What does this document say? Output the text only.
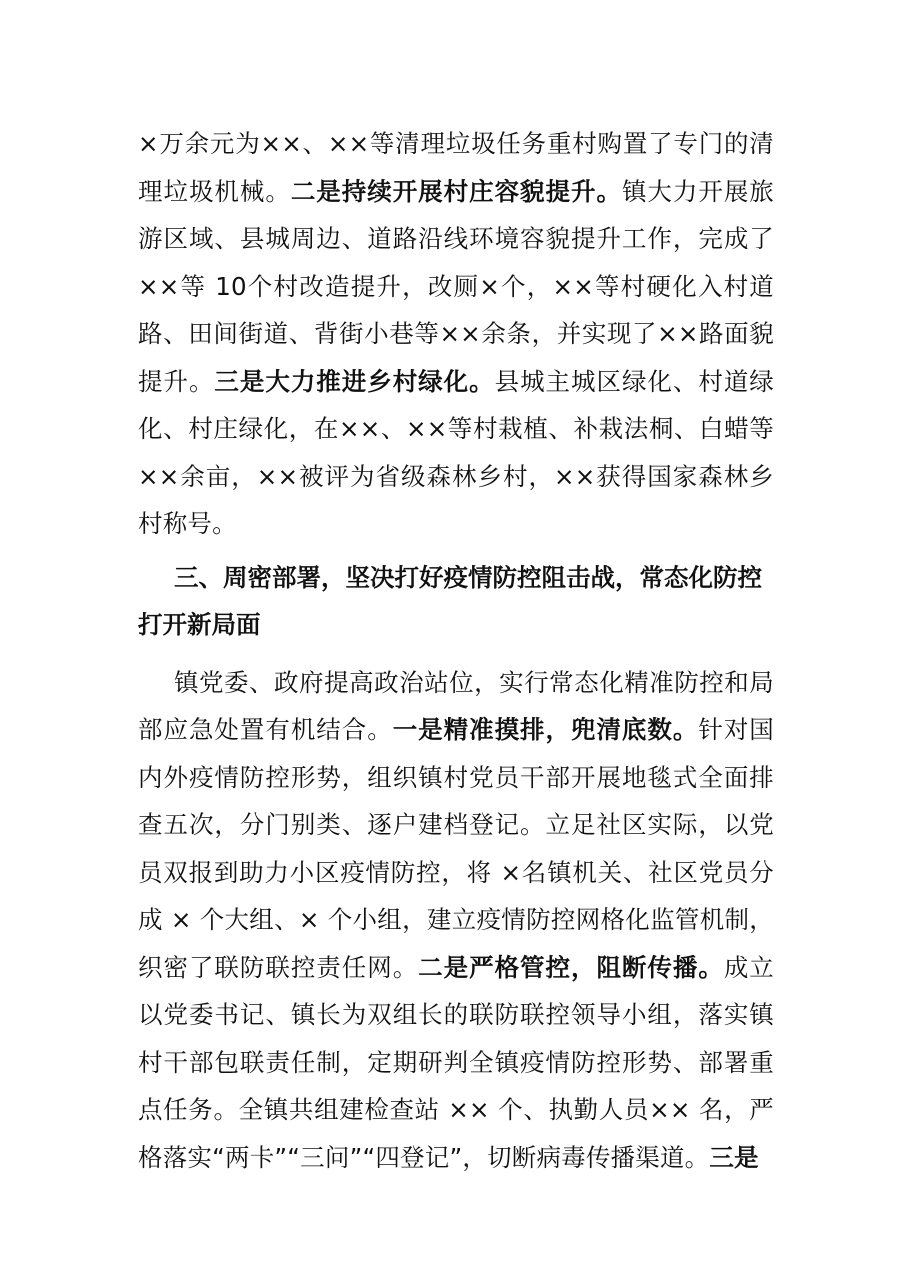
×万余元为××、××等清理垃圾任务重村购置了专门的清理垃圾机械。二是持续开展村庄容貌提升。镇大力开展旅游区域、县城周边、道路沿线环境容貌提升工作，完成了××等 10个村改造提升，改厕×个，××等村硬化入村道路、田间街道、背街小巷等××余条，并实现了××路面貌提升。三是大力推进乡村绿化。县城主城区绿化、村道绿化、村庄绿化，在××、××等村栽植、补栽法桐、白蜡等××余亩，××被评为省级森林乡村，××获得国家森林乡村称号。

三、周密部署，坚决打好疫情防控阻击战，常态化防控打开新局面

镇党委、政府提高政治站位，实行常态化精准防控和局部应急处置有机结合。一是精准摸排，兜清底数。针对国内外疫情防控形势，组织镇村党员干部开展地毯式全面排查五次，分门别类、逐户建档登记。立足社区实际，以党员双报到助力小区疫情防控，将 ×名镇机关、社区党员分成 × 个大组、× 个小组，建立疫情防控网格化监管机制，织密了联防联控责任网。二是严格管控，阻断传播。成立以党委书记、镇长为双组长的联防联控领导小组，落实镇村干部包联责任制，定期研判全镇疫情防控形势、部署重点任务。全镇共组建检查站 ×× 个、执勤人员×× 名，严格落实“两卡”“三问”“四登记”，切断病毒传播渠道。三是
